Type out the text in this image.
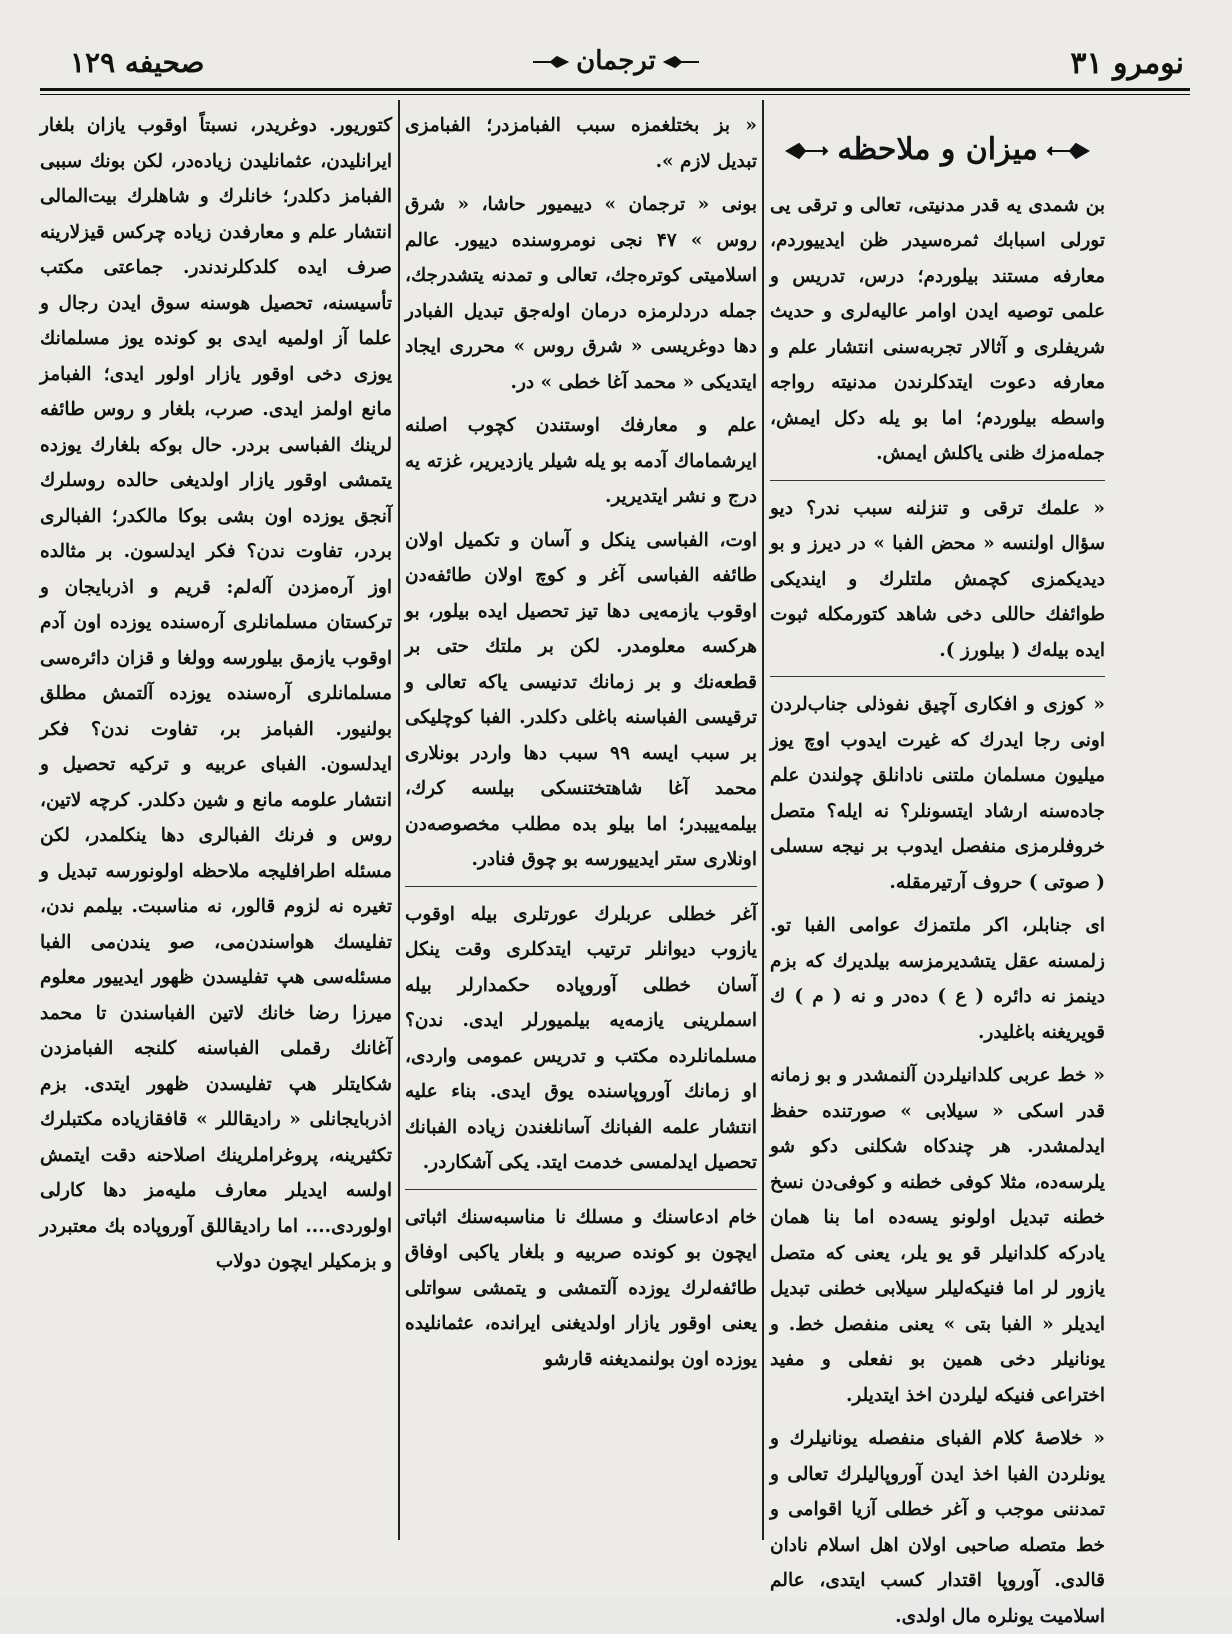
نومرو ۳۱
ترجمان
صحیفه ۱۲۹
میزان و ملاحظه

بن شمدی یه قدر مدنیتی، تعالی و ترقی یی تورلی اسبابك ثمره‌سیدر ظن ایدییوردم، معارفه مستند بیلوردم؛ درس، تدریس و علمی توصیه ایدن اوامر عالیه‌لری و حدیث شریفلری و آثالار تجربه‌سنی انتشار علم و معارفه دعوت ایتدکلرندن مدنیته رواجه واسطه بیلوردم؛ اما بو یله دکل ایمش، جمله‌مزك ظنی یاکلش ایمش.

« علمك ترقی و تنزلنه سبب ندر؟ دیو سؤال اولنسه « محض الفبا » در دیرز و بو دیدیکمزی کچمش ملتلرك و ایندیکی طوائفك حاللی دخی شاهد کتورمکله ثبوت ایده بیله‌ك ( بیلورز ).

« کوزی و افکاری آچیق نفوذلی جناب‌لردن اونی رجا ایدرك که غیرت ایدوب اوچ یوز میلیون مسلمان ملتنی نادانلق چولندن علم جاده‌سنه ارشاد ایتسونلر؟ نه ایله؟ متصل خروفلرمزی منفصل ایدوب بر نیجه سسلی ( صوتی ) حروف آرتیرمقله.

ای جنابلر، اکر ملتمزك عوامی الفبا تو. زلمسنه عقل یتشدیرمزسه بیلدیرك که بزم دینمز نه دائره ( ع ) ده‌در و نه ( م ) ك قویریغنه باغلیدر.

« خط عربی کلدانیلردن آلنمشدر و بو زمانه قدر اسکی « سیلابی » صورتنده حفظ ایدلمشدر. هر چندکاه شکلنی دکو شو یلرسه‌ده، مثلا کوفی خطنه و کوفی‌دن نسخ خطنه تبدیل اولونو یسه‌ده اما بنا همان یادرکه کلدانیلر قو یو یلر، یعنی که متصل یازور لر اما فنیکه‌لیلر سیلابی خطنی تبدیل ایدیلر « الفبا بتی » یعنی منفصل خط. و یونانیلر دخی همین بو نفعلی و مفید اختراعی فنیکه لیلردن اخذ ایتدیلر.

« خلاصهٔ کلام الفبای منفصله یونانیلرك و یونلردن الفبا اخذ ایدن آوروپالیلرك تعالی و تمدننی موجب و آغر خطلی آزیا اقوامی و خط متصله صاحبی اولان اهل اسلام نادان قالدی. آوروپا اقتدار کسب ایتدی، عالم اسلامیت یونلره مال اولدی.

« بز بختلغمزه سبب الفبامزدر؛ الفبامزی تبدیل لازم ».

بونی « ترجمان » دییمیور حاشا، « شرق روس » ۴۷ نجی نومروسنده دییور. عالم اسلامیتی کوتره‌جك، تعالی و تمدنه یتشدرجك، جمله دردلرمزه درمان اوله‌جق تبدیل الفبادر دها دوغریسی « شرق روس » محرری ایجاد ایتدیکی « محمد آغا خطی » در.

علم و معارفك اوستندن کچوب اصلنه ایرشماماك آدمه بو یله شیلر یازدیریر، غزته یه درج و نشر ایتدیریر.

اوت، الفباسی ینکل و آسان و تکمیل اولان طائفه الفباسی آغر و کوچ اولان طائفه‌دن اوقوب یازمه‌یی دها تیز تحصیل ایده بیلور، بو هرکسه معلومدر. لکن بر ملتك حتی بر قطعه‌نك و بر زمانك تدنیسی یاکه تعالی و ترقیسی الفباسنه باغلی دکلدر. الفبا کوچلیکی بر سبب ایسه ۹۹ سبب دها واردر بونلاری محمد آغا شاهتختنسکی بیلسه کرك، بیلمه‌ییبدر؛ اما بیلو بده مطلب مخصوصه‌دن اونلاری ستر ایدییورسه بو چوق فنادر.

آغر خطلی عربلرك عورتلری بیله اوقوب یازوب دیوانلر ترتیب ایتدکلری وقت ینکل آسان خطلی آوروپاده حکمدارلر بیله اسملرینی یازمه‌یه بیلمیورلر ایدی. ندن؟ مسلمانلرده مکتب و تدریس عمومی واردی، او زمانك آوروپاسنده یوق ایدی. بناء علیه انتشار علمه الفبانك آسانلغندن زیاده الفبانك تحصیل ایدلمسی خدمت ایتد. یکی آشکاردر.

خام ادعاسنك و مسلك نا مناسبه‌سنك اثباتی ایچون بو کونده صربیه و بلغار یاکبی اوفاق طائفه‌لرك یوزده آلتمشی و یتمشی سواتلی یعنی اوقور یازار اولدیغنی ایرانده، عثمانلیده یوزده اون بولنمدیغنه قارشو

کتوریور. دوغریدر، نسبتاً اوقوب یازان بلغار ایرانلیدن، عثمانلیدن زیاده‌در، لکن بونك سببی الفبامز دکلدر؛ خانلرك و شاهلرك بیت‌المالی انتشار علم و معارفدن زیاده چرکس قیزلارینه صرف ایده کلدکلرندندر. جماعتی مکتب تأسیسنه، تحصیل هوسنه سوق ایدن رجال و علما آز اولمیه ایدی بو کونده یوز مسلمانك یوزی دخی اوقور یازار اولور ایدی؛ الفبامز مانع اولمز ایدی. صرب، بلغار و روس طائفه لرینك الفباسی بردر. حال بوکه بلغارك یوزده یتمشی اوقور یازار اولدیغی حالده روسلرك آنجق یوزده اون بشی بوکا مالکدر؛ الفبالری بردر، تفاوت ندن؟ فکر ایدلسون. بر مثالده اوز آره‌مزدن آله‌لم: قریم و اذربایجان و ترکستان مسلمانلری آره‌سنده یوزده اون آدم اوقوب یازمق بیلورسه وولغا و قزان دائره‌سی مسلمانلری آره‌سنده یوزده آلتمش مطلق بولنیور. الفبامز بر، تفاوت ندن؟ فکر ایدلسون. الفبای عربیه و ترکیه تحصیل و انتشار علومه مانع و شین دکلدر. کرچه لاتین، روس و فرنك الفبالری دها ینکلمدر، لکن مسئله اطرافلیجه ملاحظه اولونورسه تبدیل و تغیره نه لزوم قالور، نه مناسبت. بیلمم ندن، تفلیسك هواسندن‌می، صو یندن‌می الفبا مسئله‌سی هپ تفلیسدن ظهور ایدییور معلوم میرزا رضا خانك لاتین الفباسندن تا محمد آغانك رقملی الفباسنه کلنجه الفبامزدن شکایتلر هپ تفلیسدن ظهور ایتدی. بزم اذربایجانلی « رادیقاللر » قافقازیاده مکتبلرك تکثیرینه، پروغراملرینك اصلاحنه دقت ایتمش اولسه ایدیلر معارف ملیه‌مز دها کارلی اولوردی.... اما رادیقاللق آوروپاده بك معتبردر و بزمکیلر ایچون دولاب
